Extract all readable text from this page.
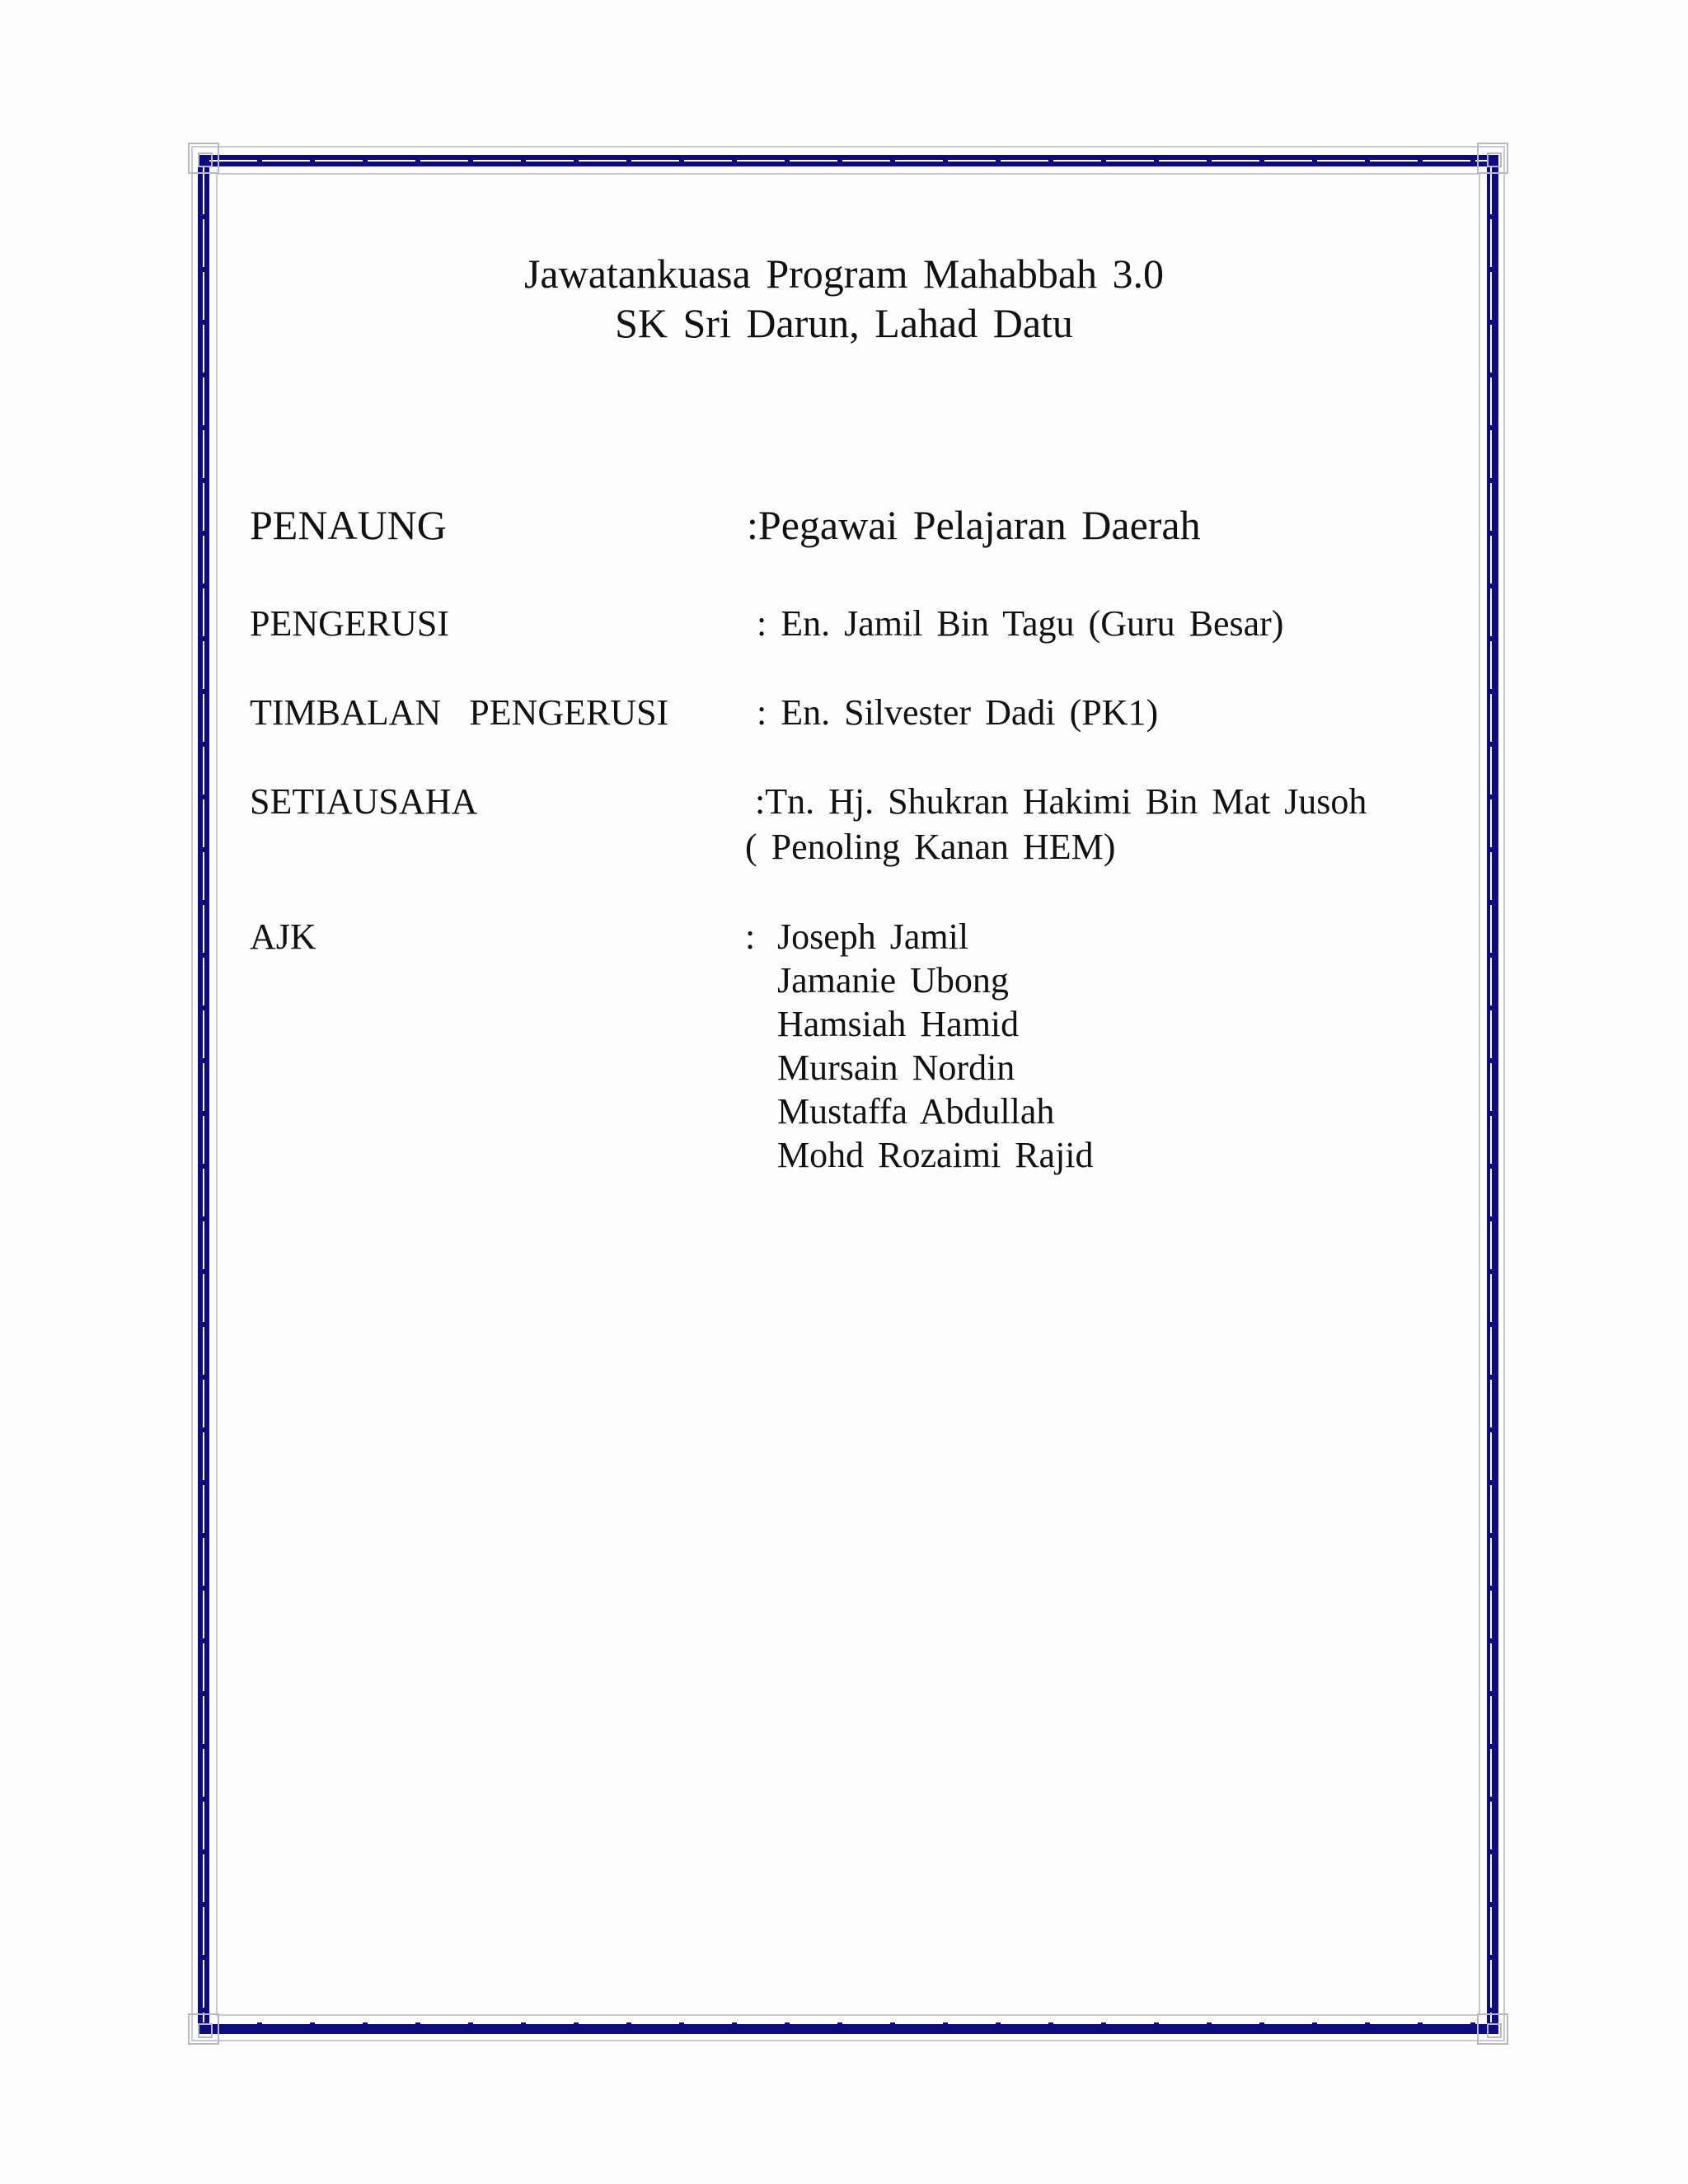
Jawatankuasa Program Mahabbah 3.0
SK Sri Darun, Lahad Datu
PENAUNG	:Pegawai Pelajaran Daerah
PENGERUSI	: En. Jamil Bin Tagu (Guru Besar)
TIMBALAN  PENGERUSI : En. Silvester Dadi (PK1)
SETIAUSAHA	:Tn. Hj. Shukran Hakimi Bin Mat Jusoh
( Penoling Kanan HEM)
AJK	: Joseph Jamil
Jamanie Ubong
Hamsiah Hamid
Mursain Nordin
Mustaffa Abdullah
Mohd Rozaimi Rajid
